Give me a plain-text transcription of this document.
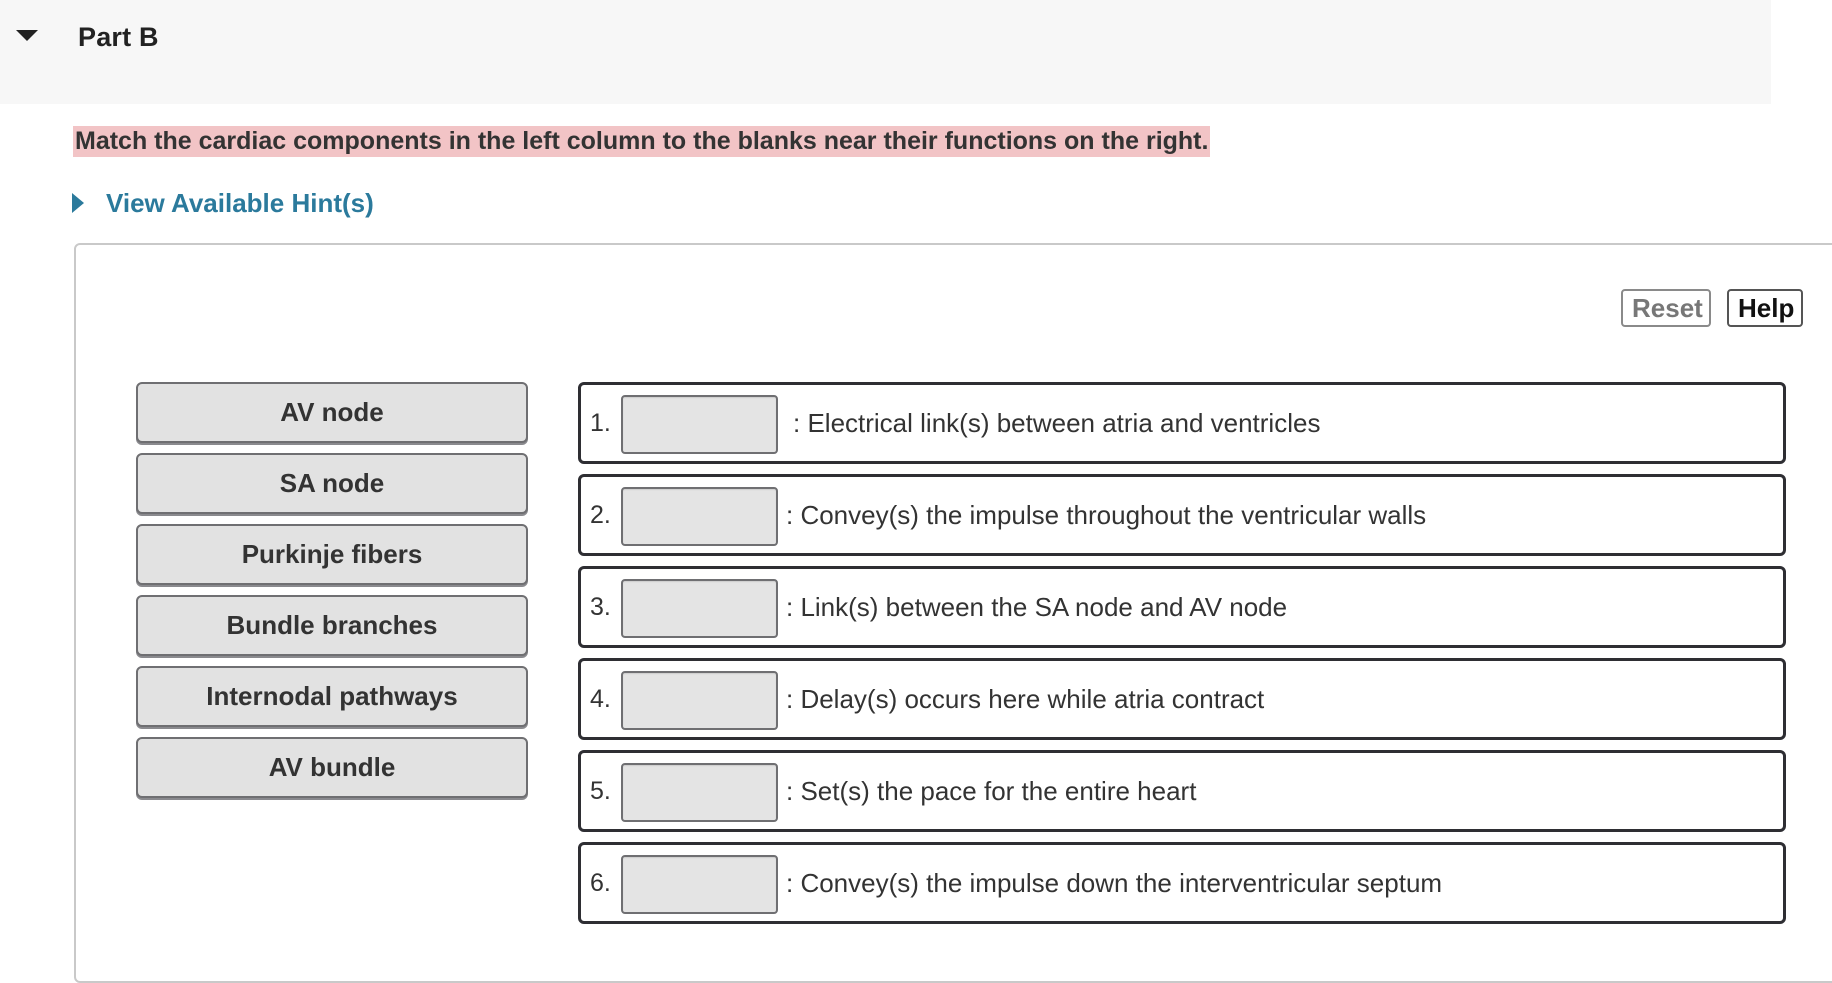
Part B
Match the cardiac components in the left column to the blanks near their functions on the right.
View Available Hint(s)
Reset	Help
AV node
SA node
Purkinje fibers
Bundle branches
Internodal pathways
AV bundle
1.	: Electrical link(s) between atria and ventricles
2.	: Convey(s) the impulse throughout the ventricular walls
3.	: Link(s) between the SA node and AV node
4.	: Delay(s) occurs here while atria contract
5.	: Set(s) the pace for the entire heart
6.	: Convey(s) the impulse down the interventricular septum
